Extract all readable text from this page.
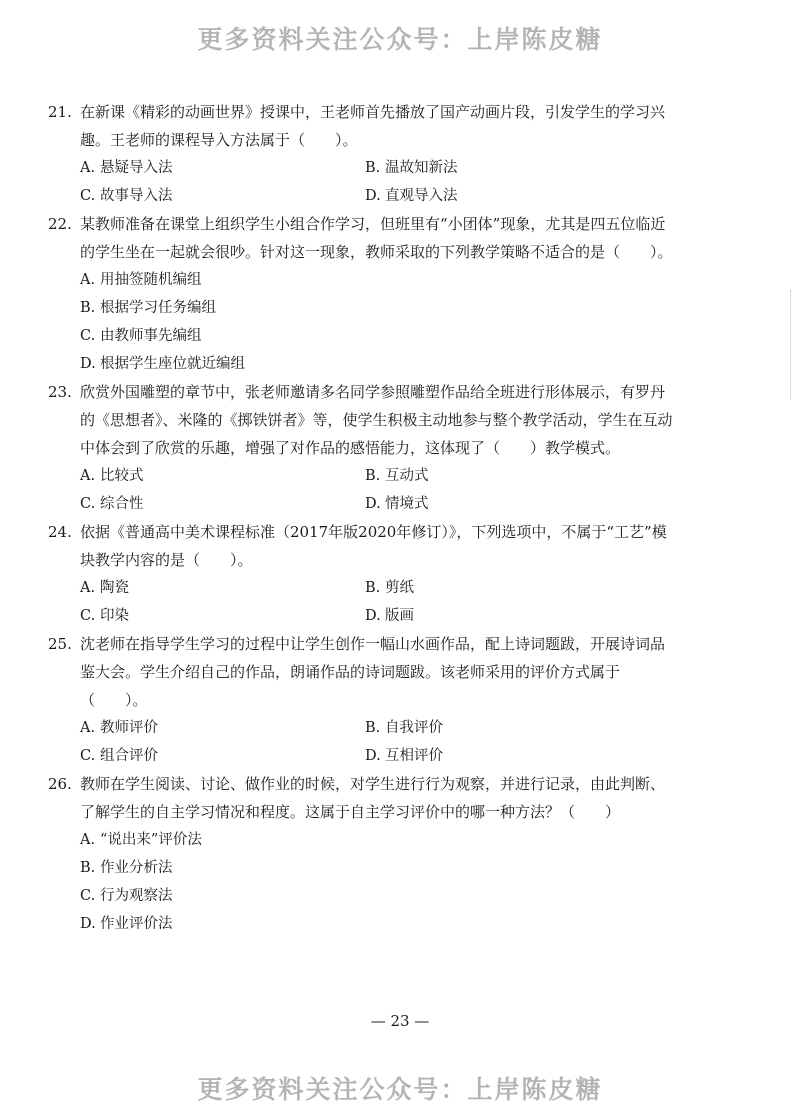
更多资料关注公众号：上岸陈皮糖
21. 在新课《精彩的动画世界》授课中，王老师首先播放了国产动画片段，引发学生的学习兴趣。王老师的课程导入方法属于（　　）。
A. 悬疑导入法	B. 温故知新法
C. 故事导入法	D. 直观导入法
22. 某教师准备在课堂上组织学生小组合作学习，但班里有“小团体”现象，尤其是四五位临近的学生坐在一起就会很吵。针对这一现象，教师采取的下列教学策略不适合的是（　　）。
A. 用抽签随机编组
B. 根据学习任务编组
C. 由教师事先编组
D. 根据学生座位就近编组
23. 欣赏外国雕塑的章节中，张老师邀请多名同学参照雕塑作品给全班进行形体展示，有罗丹的《思想者》、米隆的《掷铁饼者》等，使学生积极主动地参与整个教学活动，学生在互动中体会到了欣赏的乐趣，增强了对作品的感悟能力，这体现了（　　）教学模式。
A. 比较式	B. 互动式
C. 综合性	D. 情境式
24. 依据《普通高中美术课程标准（2017年版2020年修订）》，下列选项中，不属于“工艺”模块教学内容的是（　　）。
A. 陶瓷	B. 剪纸
C. 印染	D. 版画
25. 沈老师在指导学生学习的过程中让学生创作一幅山水画作品，配上诗词题跋，开展诗词品鉴大会。学生介绍自己的作品，朗诵作品的诗词题跋。该老师采用的评价方式属于（　　）。
A. 教师评价	B. 自我评价
C. 组合评价	D. 互相评价
26. 教师在学生阅读、讨论、做作业的时候，对学生进行行为观察，并进行记录，由此判断、了解学生的自主学习情况和程度。这属于自主学习评价中的哪一种方法？（　　）
A. “说出来”评价法
B. 作业分析法
C. 行为观察法
D. 作业评价法
— 23 —
更多资料关注公众号：上岸陈皮糖
